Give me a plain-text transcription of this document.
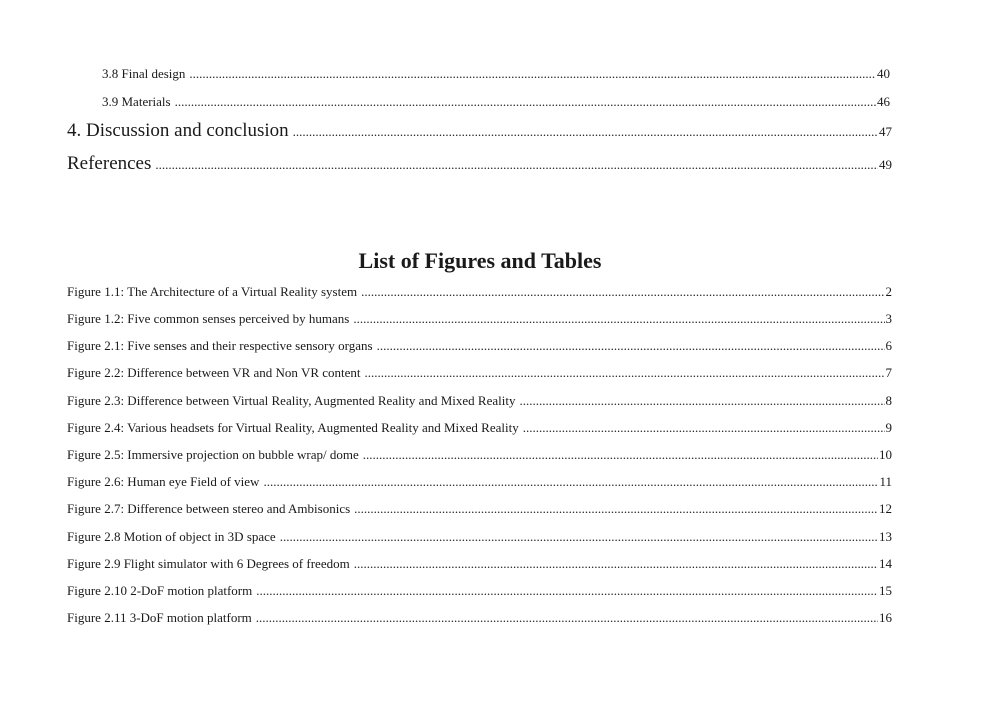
3.8 Final design .....	40
3.9 Materials .....	46
4. Discussion and conclusion .....	47
References .....	49
List of Figures and Tables
Figure 1.1: The Architecture of a Virtual Reality system .....	2
Figure 1.2: Five common senses perceived by humans .....	3
Figure 2.1: Five senses and their respective sensory organs .....	6
Figure 2.2: Difference between VR and Non VR content .....	7
Figure 2.3: Difference between Virtual Reality, Augmented Reality and Mixed Reality .....	8
Figure 2.4: Various headsets for Virtual Reality, Augmented Reality and Mixed Reality .....	9
Figure 2.5: Immersive projection on bubble wrap/ dome .....	10
Figure 2.6: Human eye Field of view .....	11
Figure 2.7: Difference between stereo and Ambisonics .....	12
Figure 2.8 Motion of object in 3D space .....	13
Figure 2.9 Flight simulator with 6 Degrees of freedom .....	14
Figure 2.10 2-DoF motion platform .....	15
Figure 2.11 3-DoF motion platform .....	16
